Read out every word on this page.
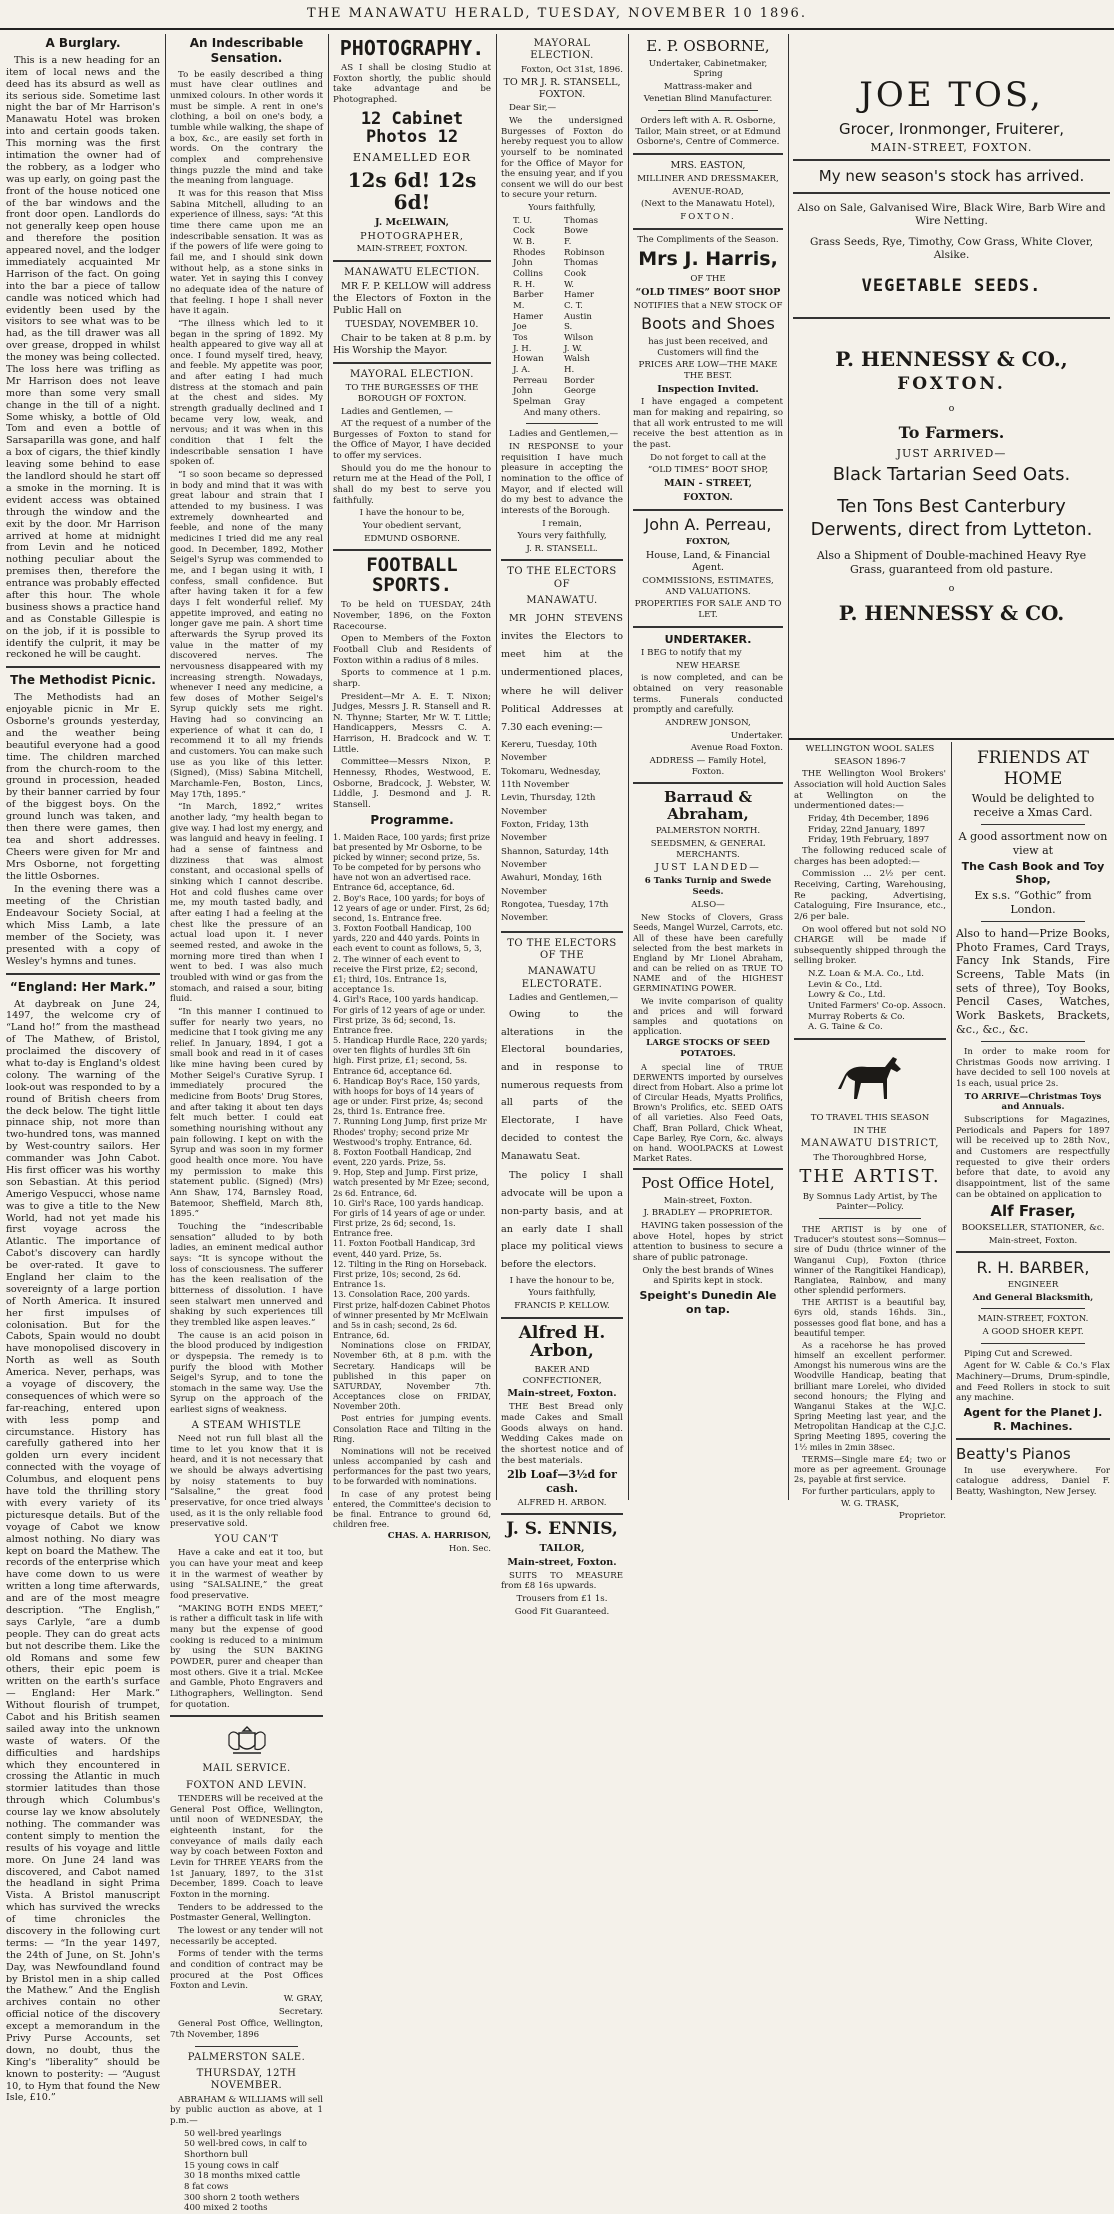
THE MANAWATU HERALD, TUESDAY, NOVEMBER 10 1896.
A Burglary.

This is a new heading for an item of local news and the deed has its absurd as well as its serious side. Sometime last night the bar of Mr Harrison's Manawatu Hotel was broken into and certain goods taken. This morning was the first intimation the owner had of the robbery, as a lodger who was up early, on going past the front of the house noticed one of the bar windows and the front door open. Landlords do not generally keep open house and therefore the position appeared novel, and the lodger immediately acquainted Mr Harrison of the fact. On going into the bar a piece of tallow candle was noticed which had evidently been used by the visitors to see what was to be had, as the till drawer was all over grease, dropped in whilst the money was being collected. The loss here was trifling as Mr Harrison does not leave more than some very small change in the till of a night. Some whisky, a bottle of Old Tom and even a bottle of Sarsaparilla was gone, and half a box of cigars, the thief kindly leaving some behind to ease the landlord should he start off a smoke in the morning. It is evident access was obtained through the window and the exit by the door. Mr Harrison arrived at home at midnight from Levin and he noticed nothing peculiar about the premises then, therefore the entrance was probably effected after this hour. The whole business shows a practice hand and as Constable Gillespie is on the job, if it is possible to identify the culprit, it may be reckoned he will be caught.

The Methodist Picnic.

The Methodists had an enjoyable picnic in Mr E. Osborne's grounds yesterday, and the weather being beautiful everyone had a good time. The children marched from the church-room to the ground in procession, headed by their banner carried by four of the biggest boys. On the ground lunch was taken, and then there were games, then tea and short addresses. Cheers were given for Mr and Mrs Osborne, not forgetting the little Osbornes.

In the evening there was a meeting of the Christian Endeavour Society Social, at which Miss Lamb, a late member of the Society, was presented with a copy of Wesley's hymns and tunes.

“England: Her Mark.”

At daybreak on June 24, 1497, the welcome cry of “Land ho!” from the masthead of The Mathew, of Bristol, proclaimed the discovery of what to-day is England's oldest colony. The warning of the look-out was responded to by a round of British cheers from the deck below. The tight little pinnace ship, not more than two-hundred tons, was manned by West-country sailors. Her commander was John Cabot. His first officer was his worthy son Sebastian. At this period Amerigo Vespucci, whose name was to give a title to the New World, had not yet made his first voyage across the Atlantic. The importance of Cabot's discovery can hardly be over-rated. It gave to England her claim to the sovereignty of a large portion of North America. It insured her first impulses of colonisation. But for the Cabots, Spain would no doubt have monopolised discovery in North as well as South America. Never, perhaps, was a voyage of discovery, the consequences of which were so far-reaching, entered upon with less pomp and circumstance. History has carefully gathered into her golden urn every incident connected with the voyage of Columbus, and eloquent pens have told the thrilling story with every variety of its picturesque details. But of the voyage of Cabot we know almost nothing. No diary was kept on board the Mathew. The records of the enterprise which have come down to us were written a long time afterwards, and are of the most meagre description. “The English,” says Carlyle, “are a dumb people. They can do great acts but not describe them. Like the old Romans and some few others, their epic poem is written on the earth's surface — England: Her Mark.” Without flourish of trumpet, Cabot and his British seamen sailed away into the unknown waste of waters. Of the difficulties and hardships which they encountered in crossing the Atlantic in much stormier latitudes than those through which Columbus's course lay we know absolutely nothing. The commander was content simply to mention the results of his voyage and little more. On June 24 land was discovered, and Cabot named the headland in sight Prima Vista. A Bristol manuscript which has survived the wrecks of time chronicles the discovery in the following curt terms: — “In the year 1497, the 24th of June, on St. John's Day, was Newfoundland found by Bristol men in a ship called the Mathew.” And the English archives contain no other official notice of the discovery except a memorandum in the Privy Purse Accounts, set down, no doubt, thus the King's “liberality” should be known to posterity: — “August 10, to Hym that found the New Isle, £10.”

An Indescribable Sensation.

To be easily described a thing must have clear outlines and unmixed colours. In other words it must be simple. A rent in one's clothing, a boil on one's body, a tumble while walking, the shape of a box, &c., are easily set forth in words. On the contrary the complex and comprehensive things puzzle the mind and take the meaning from language.

It was for this reason that Miss Sabina Mitchell, alluding to an experience of illness, says: “At this time there came upon me an indescribable sensation. It was as if the powers of life were going to fail me, and I should sink down without help, as a stone sinks in water. Yet in saying this I convey no adequate idea of the nature of that feeling. I hope I shall never have it again.

“The illness which led to it began in the spring of 1892. My health appeared to give way all at once. I found myself tired, heavy, and feeble. My appetite was poor, and after eating I had much distress at the stomach and pain at the chest and sides. My strength gradually declined and I became very low, weak, and nervous; and it was when in this condition that I felt the indescribable sensation I have spoken of.

“I so soon became so depressed in body and mind that it was with great labour and strain that I attended to my business. I was extremely downhearted and feeble, and none of the many medicines I tried did me any real good. In December, 1892, Mother Seigel's Syrup was commended to me, and I began using it with, I confess, small confidence. But after having taken it for a few days I felt wonderful relief. My appetite improved, and eating no longer gave me pain. A short time afterwards the Syrup proved its value in the matter of my discovered nerves. The nervousness disappeared with my increasing strength. Nowadays, whenever I need any medicine, a few doses of Mother Seigel's Syrup quickly sets me right. Having had so convincing an experience of what it can do, I recommend it to all my friends and customers. You can make such use as you like of this letter. (Signed), (Miss) Sabina Mitchell, Marchamle-Fen, Boston, Lincs, May 17th, 1895.”

“In March, 1892,” writes another lady, “my health began to give way. I had lost my energy, and was languid and heavy in feeling. I had a sense of faintness and dizziness that was almost constant, and occasional spells of sinking which I cannot describe. Hot and cold flushes came over me, my mouth tasted badly, and after eating I had a feeling at the chest like the pressure of an actual load upon it. I never seemed rested, and awoke in the morning more tired than when I went to bed. I was also much troubled with wind or gas from the stomach, and raised a sour, biting fluid.

“In this manner I continued to suffer for nearly two years, no medicine that I took giving me any relief. In January, 1894, I got a small book and read in it of cases like mine having been cured by Mother Seigel's Curative Syrup. I immediately procured the medicine from Boots' Drug Stores, and after taking it about ten days felt much better. I could eat something nourishing without any pain following. I kept on with the Syrup and was soon in my former good health once more. You have my permission to make this statement public. (Signed) (Mrs) Ann Shaw, 174, Barnsley Road, Batemoor, Sheffield, March 8th, 1895.”

Touching the “indescribable sensation” alluded to by both ladies, an eminent medical author says: “It is syncope without the loss of consciousness. The sufferer has the keen realisation of the bitterness of dissolution. I have seen stalwart men unnerved and shaking by such experiences till they trembled like aspen leaves.”

The cause is an acid poison in the blood produced by indigestion or dyspepsia. The remedy is to purify the blood with Mother Seigel's Syrup, and to tone the stomach in the same way. Use the Syrup on the approach of the earliest signs of weakness.

A STEAM WHISTLE

Need not run full blast all the time to let you know that it is heard, and it is not necessary that we should be always advertising by noisy statements to buy “Salsaline,” the great food preservative, for once tried always used, as it is the only reliable food preservative sold.

YOU CAN'T

Have a cake and eat it too, but you can have your meat and keep it in the warmest of weather by using “SALSALINE,” the great food preservative.

“MAKING BOTH ENDS MEET,” is rather a difficult task in life with many but the expense of good cooking is reduced to a minimum by using the SUN BAKING POWDER, purer and cheaper than most others. Give it a trial. McKee and Gamble, Photo Engravers and Lithographers, Wellington. Send for quotation.

MAIL SERVICE.
FOXTON AND LEVIN.

TENDERS will be received at the General Post Office, Wellington, until noon of WEDNESDAY, the eighteenth instant, for the conveyance of mails daily each way by coach between Foxton and Levin for THREE YEARS from the 1st January, 1897, to the 31st December, 1899. Coach to leave Foxton in the morning.

Tenders to be addressed to the Postmaster General, Wellington.

The lowest or any tender will not necessarily be accepted.

Forms of tender with the terms and condition of contract may be procured at the Post Offices Foxton and Levin.

W. GRAY,

Secretary.

General Post Office, Wellington, 7th November, 1896

PALMERSTON SALE.
THURSDAY, 12TH NOVEMBER.

ABRAHAM & WILLIAMS will sell by public auction as above, at 1 p.m.—

50 well-bred yearlings
50 well-bred cows, in calf to Shorthorn bull
15 young cows in calf
30 18 months mixed cattle
8 fat cows
300 shorn 2 tooth wethers
400 mixed 2 tooths
PHOTOGRAPHY.

AS I shall be closing Studio at Foxton shortly, the public should take advantage and be Photographed.

12 Cabinet Photos 12

ENAMELLED EOR

12s 6d! 12s 6d!

J. McELWAIN,

PHOTOGRAPHER,

MAIN-STREET, FOXTON.

MANAWATU ELECTION.

MR F. P. KELLOW will address the Electors of Foxton in the Public Hall on

TUESDAY, NOVEMBER 10.

Chair to be taken at 8 p.m. by His Worship the Mayor.

MAYORAL ELECTION.

TO THE BURGESSES OF THE BOROUGH OF FOXTON.

Ladies and Gentlemen, —

AT the request of a number of the Burgesses of Foxton to stand for the Office of Mayor, I have decided to offer my services.

Should you do me the honour to return me at the Head of the Poll, I shall do my best to serve you faithfully.

I have the honour to be,

Your obedient servant,

EDMUND OSBORNE.

FOOTBALL SPORTS.

To be held on TUESDAY, 24th November, 1896, on the Foxton Racecourse.

Open to Members of the Foxton Football Club and Residents of Foxton within a radius of 8 miles.

Sports to commence at 1 p.m. sharp.

President—Mr A. E. T. Nixon; Judges, Messrs J. R. Stansell and R. N. Thynne; Starter, Mr W. T. Little; Handicappers, Messrs C. A. Harrison, H. Bradcock and W. T. Little.

Committee—Messrs Nixon, P. Hennessy, Rhodes, Westwood, E. Osborne, Bradcock, J. Webster, W. Liddle, J. Desmond and J. R. Stansell.

Programme.
1. Maiden Race, 100 yards; first prize bat presented by Mr Osborne, to be picked by winner; second prize, 5s. To be competed for by persons who have not won an advertised race. Entrance 6d, acceptance, 6d.
2. Boy's Race, 100 yards; for boys of 12 years of age or under. First, 2s 6d; second, 1s. Entrance free.
3. Foxton Football Handicap, 100 yards, 220 and 440 yards. Points in each event to count as follows, 5, 3, 2. The winner of each event to receive the First prize, £2; second, £1; third, 10s. Entrance 1s, acceptance 1s.
4. Girl's Race, 100 yards handicap. For girls of 12 years of age or under. First prize, 3s 6d; second, 1s. Entrance free.
5. Handicap Hurdle Race, 220 yards; over ten flights of hurdles 3ft 6in high. First prize, £1; second, 5s. Entrance 6d, acceptance 6d.
6. Handicap Boy's Race, 150 yards, with hoops for boys of 14 years of age or under. First prize, 4s; second 2s, third 1s. Entrance free.
7. Running Long Jump, first prize Mr Rhodes' trophy; second prize Mr Westwood's trophy. Entrance, 6d.
8. Foxton Football Handicap, 2nd event, 220 yards. Prize, 5s.
9. Hop, Step and Jump. First prize, watch presented by Mr Ezee; second, 2s 6d. Entrance, 6d.
10. Girl's Race, 100 yards handicap. For girls of 14 years of age or under. First prize, 2s 6d; second, 1s. Entrance free.
11. Foxton Football Handicap, 3rd event, 440 yard. Prize, 5s.
12. Tilting in the Ring on Horseback. First prize, 10s; second, 2s 6d. Entrance 1s.
13. Consolation Race, 200 yards. First prize, half-dozen Cabinet Photos of winner presented by Mr McElwain and 5s in cash; second, 2s 6d. Entrance, 6d.

Nominations close on FRIDAY, November 6th, at 8 p.m. with the Secretary. Handicaps will be published in this paper on SATURDAY, November 7th. Acceptances close on FRIDAY, November 20th.

Post entries for jumping events. Consolation Race and Tilting in the Ring.

Nominations will not be received unless accompanied by cash and performances for the past two years, to be forwarded with nominations.

In case of any protest being entered, the Committee's decision to be final. Entrance to ground 6d, children free.

CHAS. A. HARRISON,

Hon. Sec.

MAYORAL ELECTION.

Foxton, Oct 31st, 1896.

TO MR J. R. STANSELL, FOXTON.

Dear Sir,—

We the undersigned Burgesses of Foxton do hereby request you to allow yourself to be nominated for the Office of Mayor for the ensuing year, and if you consent we will do our best to secure your return.

Yours faithfully,

T. U. Cock
W. B. Rhodes
John Collins
R. H. Barber
M. Hamer
Joe Tos
J. H. Howan
J. A. Perreau
John Spelman
Thomas Bowe
F. Robinson
Thomas Cook
W. Hamer
C. T. Austin
S. Wilson
J. W. Walsh
H. Border
George Gray

And many others.

Ladies and Gentlemen,—

IN RESPONSE to your requisition I have much pleasure in accepting the nomination to the office of Mayor, and if elected will do my best to advance the interests of the Borough.

I remain,

Yours very faithfully,

J. R. STANSELL.

TO THE ELECTORS OF
MANAWATU.

MR JOHN STEVENS invites the Electors to meet him at the undermentioned places, where he will deliver Political Addresses at 7.30 each evening:—

Kereru, Tuesday, 10th November
Tokomaru, Wednesday, 11th November
Levin, Thursday, 12th November
Foxton, Friday, 13th November
Shannon, Saturday, 14th November
Awahuri, Monday, 16th November
Rongotea, Tuesday, 17th November.
TO THE ELECTORS OF THE
MANAWATU ELECTORATE.

Ladies and Gentlemen,—

Owing to the alterations in the Electoral boundaries, and in response to numerous requests from all parts of the Electorate, I have decided to contest the Manawatu Seat.

The policy I shall advocate will be upon a non-party basis, and at an early date I shall place my political views before the electors.

I have the honour to be,

Yours faithfully,

FRANCIS P. KELLOW.

Alfred H. Arbon,

BAKER AND CONFECTIONER,

Main-street, Foxton.

THE Best Bread only made Cakes and Small Goods always on hand. Wedding Cakes made on the shortest notice and of the best materials.

2lb Loaf—3½d for cash.

ALFRED H. ARBON.

J. S. ENNIS,

TAILOR,

Main-street, Foxton.

SUITS TO MEASURE from £8 16s upwards.

Trousers from £1 1s.

Good Fit Guaranteed.

E. P. OSBORNE,

Undertaker, Cabinetmaker, Spring

Mattrass-maker and

Venetian Blind Manufacturer.

Orders left with A. R. Osborne, Tailor, Main street, or at Edmund Osborne's, Centre of Commerce.

MRS. EASTON,

MILLINER AND DRESSMAKER,

AVENUE-ROAD,

(Next to the Manawatu Hotel),

FOXTON.

The Compliments of the Season.

Mrs J. Harris,

OF THE

“OLD TIMES” BOOT SHOP

NOTIFIES that a NEW STOCK OF

Boots and Shoes

has just been received, and Customers will find the

PRICES ARE LOW—THE MAKE THE BEST.

Inspection Invited.

I have engaged a competent man for making and repairing, so that all work entrusted to me will receive the best attention as in the past.

Do not forget to call at the

“OLD TIMES” BOOT SHOP,

MAIN - STREET,

FOXTON.

John A. Perreau,

FOXTON,

House, Land, & Financial Agent.

COMMISSIONS, ESTIMATES, AND VALUATIONS.

PROPERTIES FOR SALE AND TO LET.

UNDERTAKER.

I BEG to notify that my

NEW HEARSE

is now completed, and can be obtained on very reasonable terms. Funerals conducted promptly and carefully.

ANDREW JONSON,

Undertaker.

Avenue Road Foxton.

ADDRESS — Family Hotel, Foxton.

Barraud & Abraham,

PALMERSTON NORTH.

SEEDSMEN, & GENERAL MERCHANTS.

JUST LANDED—

6 Tanks Turnip and Swede Seeds.

ALSO—

New Stocks of Clovers, Grass Seeds, Mangel Wurzel, Carrots, etc. All of these have been carefully selected from the best markets in England by Mr Lionel Abraham, and can be relied on as TRUE TO NAME and of the HIGHEST GERMINATING POWER.

We invite comparison of quality and prices and will forward samples and quotations on application.

LARGE STOCKS OF SEED POTATOES.

A special line of TRUE DERWENTS imported by ourselves direct from Hobart. Also a prime lot of Circular Heads, Myatts Prolifics, Brown's Prolifics, etc. SEED OATS of all varieties. Also Feed Oats, Chaff, Bran Pollard, Chick Wheat, Cape Barley, Rye Corn, &c. always on hand. WOOLPACKS at Lowest Market Rates.

Post Office Hotel,

Main-street, Foxton.

J. BRADLEY — PROPRIETOR.

HAVING taken possession of the above Hotel, hopes by strict attention to business to secure a share of public patronage.

Only the best brands of Wines and Spirits kept in stock.

Speight's Dunedin Ale on tap.

JOE TOS,

Grocer, Ironmonger, Fruiterer,

MAIN-STREET, FOXTON.

My new season's stock has arrived.

Also on Sale, Galvanised Wire, Black Wire, Barb Wire and Wire Netting.

Grass Seeds, Rye, Timothy, Cow Grass, White Clover, Alsike.

VEGETABLE SEEDS.

P. HENNESSY & CO.,

FOXTON.

o

To Farmers.

JUST ARRIVED—

Black Tartarian Seed Oats.

Ten Tons Best Canterbury Derwents, direct from Lytteton.

Also a Shipment of Double-machined Heavy Rye Grass, guaranteed from old pasture.

o

P. HENNESSY & CO.

WELLINGTON WOOL SALES

SEASON 1896-7

THE Wellington Wool Brokers' Association will hold Auction Sales at Wellington on the undermentioned dates:—

Friday, 4th December, 1896
Friday, 22nd January, 1897
Friday, 19th February, 1897

The following reduced scale of charges has been adopted:—

Commission ... 2½ per cent. Receiving, Carting, Warehousing, Re packing, Advertising, Cataloguing, Fire Insurance, etc., 2/6 per bale.

On wool offered but not sold NO CHARGE will be made if subsequently shipped through the selling broker.

N.Z. Loan & M.A. Co., Ltd.
Levin & Co., Ltd.
Lowry & Co., Ltd.
United Farmers' Co-op. Assocn.
Murray Roberts & Co.
A. G. Taine & Co.

TO TRAVEL THIS SEASON

IN THE

MANAWATU DISTRICT,

The Thoroughbred Horse,

THE ARTIST.

By Somnus Lady Artist, by The Painter—Policy.

THE ARTIST is by one of Traducer's stoutest sons—Somnus—sire of Dudu (thrice winner of the Wanganui Cup), Foxton (thrice winner of the Rangitikei Handicap), Rangiatea, Rainbow, and many other splendid performers.

THE ARTIST is a beautiful bay, 6yrs old, stands 16hds. 3in., possesses good flat bone, and has a beautiful temper.

As a racehorse he has proved himself an excellent performer. Amongst his numerous wins are the Woodville Handicap, beating that brilliant mare Lorelei, who divided second honours; the Flying and Wanganui Stakes at the W.J.C. Spring Meeting last year, and the Metropolitan Handicap at the C.J.C. Spring Meeting 1895, covering the 1½ miles in 2min 38sec.

TERMS—Single mare £4; two or more as per agreement. Grounage 2s, payable at first service.

For further particulars, apply to

W. G. TRASK,

Proprietor.

FRIENDS AT HOME

Would be delighted to receive a Xmas Card.

A good assortment now on view at

The Cash Book and Toy Shop,

Ex s.s. “Gothic” from London.

Also to hand—Prize Books, Photo Frames, Card Trays, Fancy Ink Stands, Fire Screens, Table Mats (in sets of three), Toy Books, Pencil Cases, Watches, Work Baskets, Brackets, &c., &c., &c.

In order to make room for Christmas Goods now arriving. I have decided to sell 100 novels at 1s each, usual price 2s.

TO ARRIVE—Christmas Toys and Annuals.

Subscriptions for Magazines, Periodicals and Papers for 1897 will be received up to 28th Nov., and Customers are respectfully requested to give their orders before that date, to avoid any disappointment, list of the same can be obtained on application to

Alf Fraser,

BOOKSELLER, STATIONER, &c.

Main-street, Foxton.

R. H. BARBER,

ENGINEER

And General Blacksmith,

MAIN-STREET, FOXTON.

A GOOD SHOER KEPT.

Piping Cut and Screwed.

Agent for W. Cable & Co.'s Flax Machinery—Drums, Drum-spindle, and Feed Rollers in stock to suit any machine.

Agent for the Planet J. R. Machines.

Beatty's Pianos

In use everywhere. For catalogue address, Daniel F. Beatty, Washington, New Jersey.
